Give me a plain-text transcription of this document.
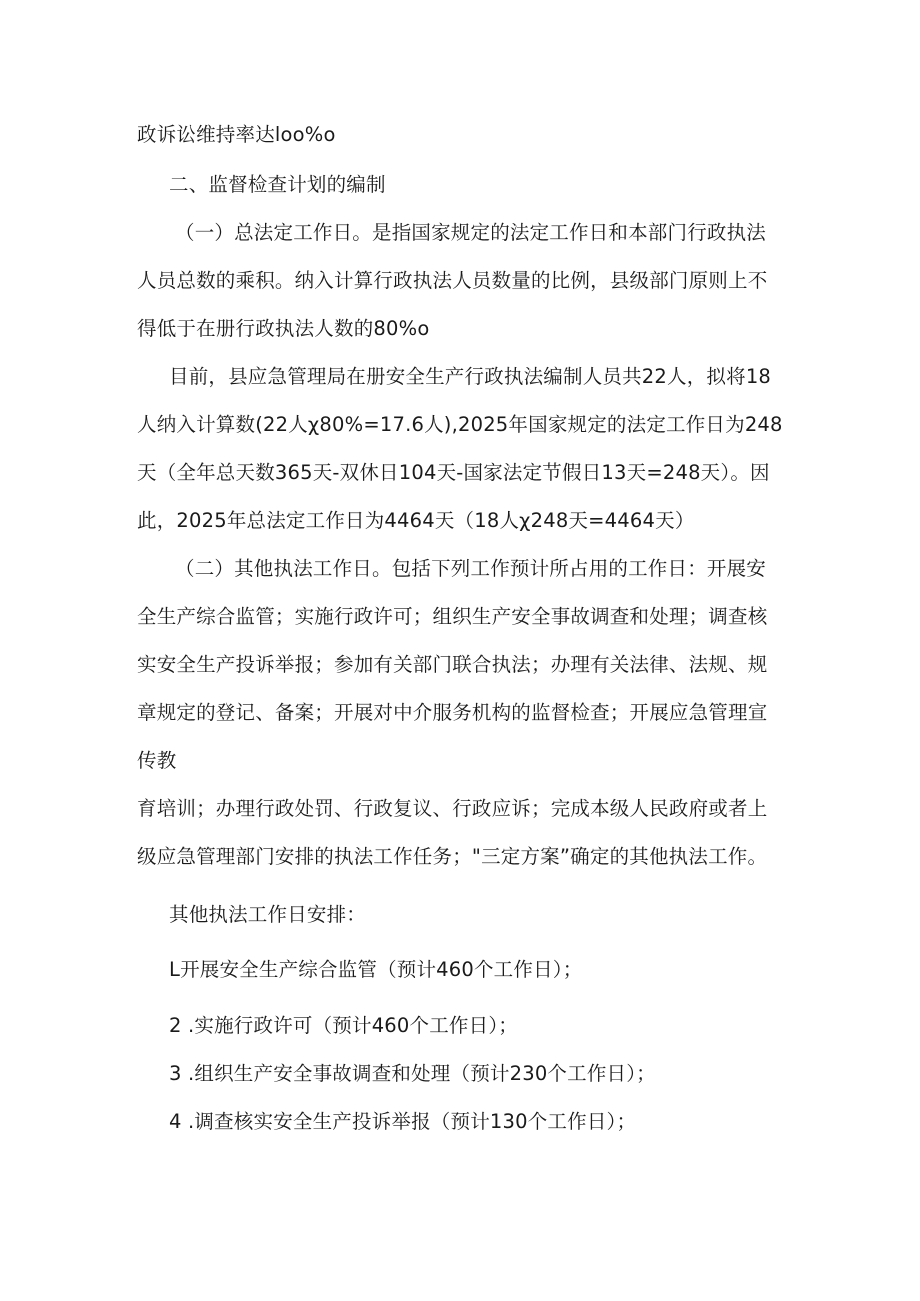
政诉讼维持率达loo%o
二、监督检查计划的编制
（一）总法定工作日。是指国家规定的法定工作日和本部门行政执法
人员总数的乘积。纳入计算行政执法人员数量的比例，县级部门原则上不
得低于在册行政执法人数的80%o
目前，县应急管理局在册安全生产行政执法编制人员共22人，拟将18
人纳入计算数(22人χ80%=17.6人),2025年国家规定的法定工作日为248
天（全年总天数365天-双休日104天-国家法定节假日13天=248天）。因
此，2025年总法定工作日为4464天（18人χ248天=4464天）
（二）其他执法工作日。包括下列工作预计所占用的工作日：开展安
全生产综合监管；实施行政许可；组织生产安全事故调查和处理；调查核
实安全生产投诉举报；参加有关部门联合执法；办理有关法律、法规、规
章规定的登记、备案；开展对中介服务机构的监督检查；开展应急管理宣
传教
育培训；办理行政处罚、行政复议、行政应诉；完成本级人民政府或者上
级应急管理部门安排的执法工作任务；"三定方案”确定的其他执法工作。
其他执法工作日安排：
L开展安全生产综合监管（预计460个工作日）；
2 .实施行政许可（预计460个工作日）；
3 .组织生产安全事故调查和处理（预计230个工作日）；
4 .调查核实安全生产投诉举报（预计130个工作日）；
